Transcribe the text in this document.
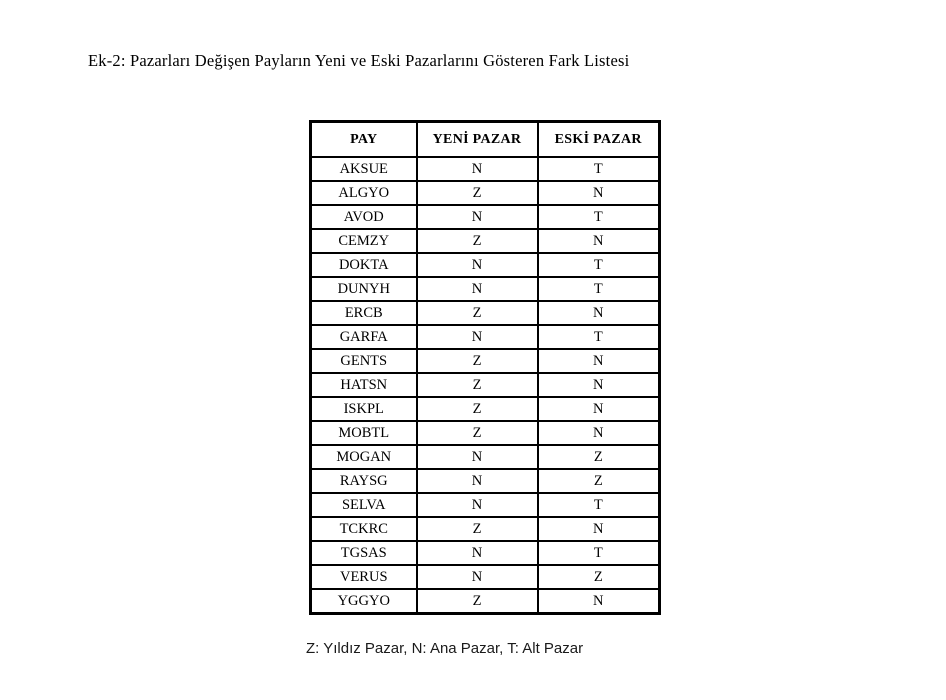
Ek-2: Pazarları Değişen Payların Yeni ve Eski Pazarlarını Gösteren Fark Listesi
PAY	YENİ PAZAR	ESKİ PAZAR
AKSUE	N	T
ALGYO	Z	N
AVOD	N	T
CEMZY	Z	N
DOKTA	N	T
DUNYH	N	T
ERCB	Z	N
GARFA	N	T
GENTS	Z	N
HATSN	Z	N
ISKPL	Z	N
MOBTL	Z	N
MOGAN	N	Z
RAYSG	N	Z
SELVA	N	T
TCKRC	Z	N
TGSAS	N	T
VERUS	N	Z
YGGYO	Z	N
Z: Yıldız Pazar, N: Ana Pazar, T: Alt Pazar
